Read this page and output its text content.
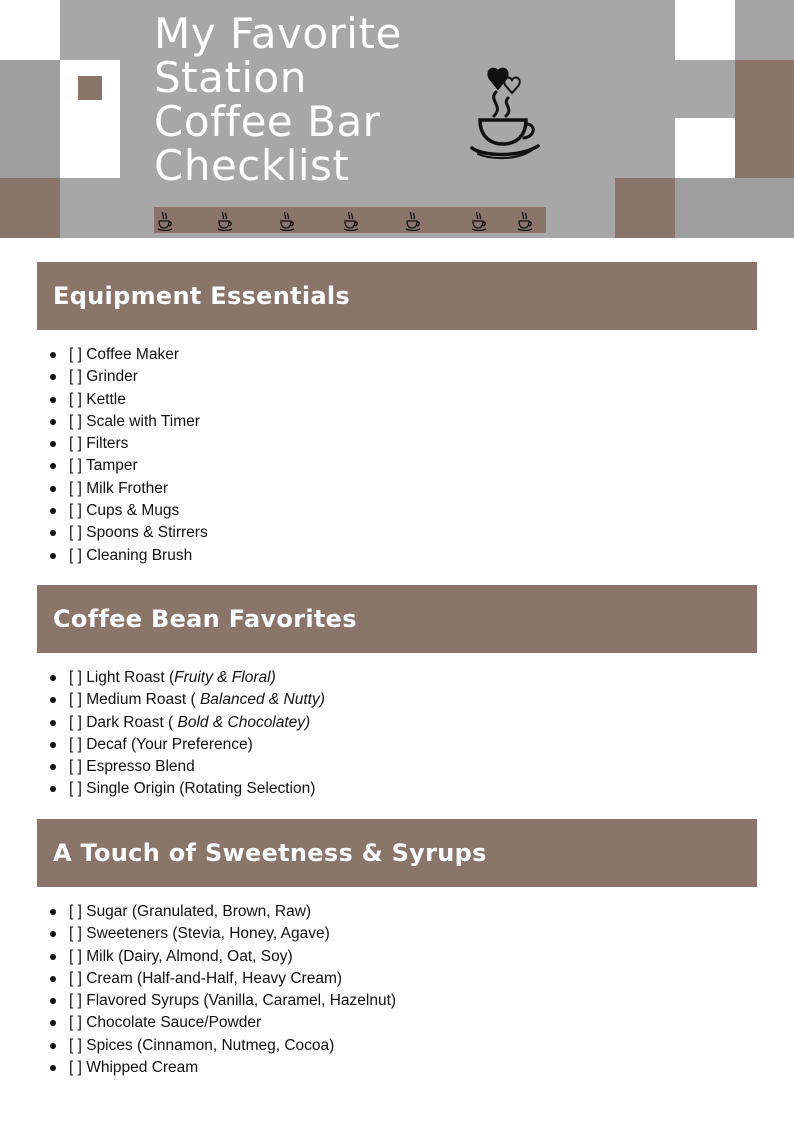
My Favorite
Station
Coffee Bar
Checklist
Equipment Essentials
[ ] Coffee Maker
[ ] Grinder
[ ] Kettle
[ ] Scale with Timer
[ ] Filters
[ ] Tamper
[ ] Milk Frother
[ ] Cups & Mugs
[ ] Spoons & Stirrers
[ ] Cleaning Brush
Coffee Bean Favorites
[ ] Light Roast (Fruity & Floral)
[ ] Medium Roast ( Balanced & Nutty)
[ ] Dark Roast ( Bold & Chocolatey)
[ ] Decaf (Your Preference)
[ ] Espresso Blend
[ ] Single Origin (Rotating Selection)
A Touch of Sweetness & Syrups
[ ] Sugar (Granulated, Brown, Raw)
[ ] Sweeteners (Stevia, Honey, Agave)
[ ] Milk (Dairy, Almond, Oat, Soy)
[ ] Cream (Half-and-Half, Heavy Cream)
[ ] Flavored Syrups (Vanilla, Caramel, Hazelnut)
[ ] Chocolate Sauce/Powder
[ ] Spices (Cinnamon, Nutmeg, Cocoa)
[ ] Whipped Cream
